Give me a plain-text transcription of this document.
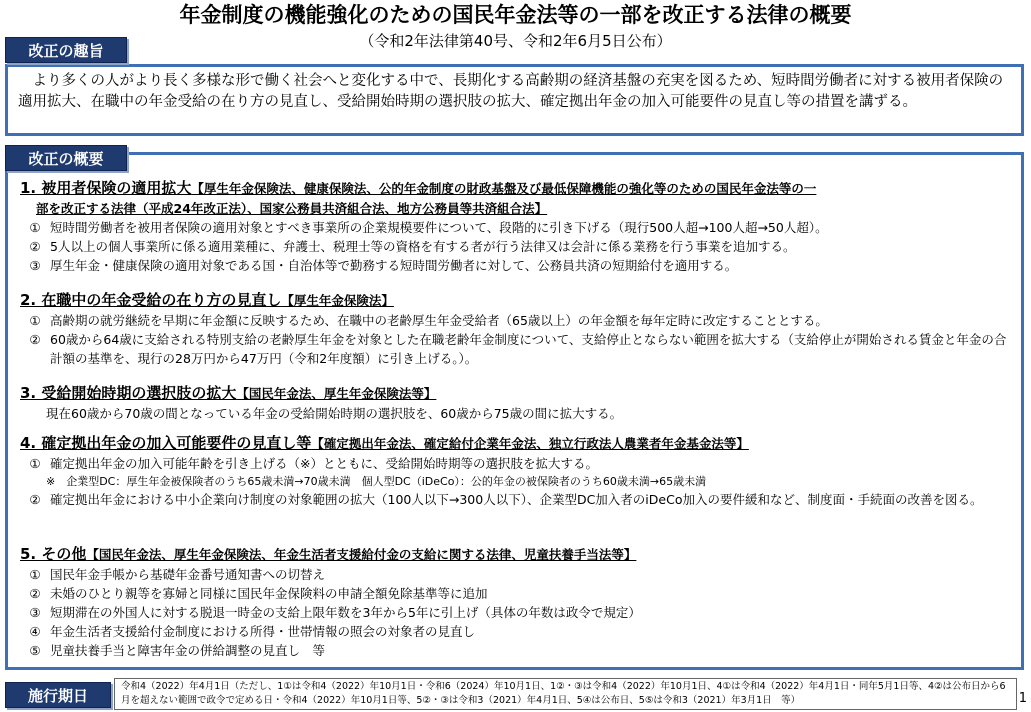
年金制度の機能強化のための国民年金法等の一部を改正する法律の概要
（令和2年法律第40号、令和2年6月5日公布）

より多くの人がより長く多様な形で働く社会へと変化する中で、長期化する高齢期の経済基盤の充実を図るため、短時間労働者に対する被用者保険の適用拡大、在職中の年金受給の在り方の見直し、受給開始時期の選択肢の拡大、確定拠出年金の加入可能要件の見直し等の措置を講ずる。

改正の趣旨
1. 被用者保険の適用拡大【厚生年金保険法、健康保険法、公的年金制度の財政基盤及び最低保障機能の強化等のための国民年金法等の一
部を改正する法律（平成24年改正法）、国家公務員共済組合法、地方公務員等共済組合法】
① 短時間労働者を被用者保険の適用対象とすべき事業所の企業規模要件について、段階的に引き下げる（現行500人超→100人超→50人超）。
② 5人以上の個人事業所に係る適用業種に、弁護士、税理士等の資格を有する者が行う法律又は会計に係る業務を行う事業を追加する。
③ 厚生年金・健康保険の適用対象である国・自治体等で勤務する短時間労働者に対して、公務員共済の短期給付を適用する。
2. 在職中の年金受給の在り方の見直し【厚生年金保険法】
① 高齢期の就労継続を早期に年金額に反映するため、在職中の老齢厚生年金受給者（65歳以上）の年金額を毎年定時に改定することとする。
② 60歳から64歳に支給される特別支給の老齢厚生年金を対象とした在職老齢年金制度について、支給停止とならない範囲を拡大する（支給停止が開始される賃金と年金の合計額の基準を、現行の28万円から47万円（令和2年度額）に引き上げる。）。
3. 受給開始時期の選択肢の拡大【国民年金法、厚生年金保険法等】
現在60歳から70歳の間となっている年金の受給開始時期の選択肢を、60歳から75歳の間に拡大する。
4. 確定拠出年金の加入可能要件の見直し等【確定拠出年金法、確定給付企業年金法、独立行政法人農業者年金基金法等】
① 確定拠出年金の加入可能年齢を引き上げる（※）とともに、受給開始時期等の選択肢を拡大する。
※　企業型DC：厚生年金被保険者のうち65歳未満→70歳未満　個人型DC（iDeCo）：公的年金の被保険者のうち60歳未満→65歳未満
② 確定拠出年金における中小企業向け制度の対象範囲の拡大（100人以下→300人以下）、企業型DC加入者のiDeCo加入の要件緩和など、制度面・手続面の改善を図る。
5. その他【国民年金法、厚生年金保険法、年金生活者支援給付金の支給に関する法律、児童扶養手当法等】
① 国民年金手帳から基礎年金番号通知書への切替え
② 未婚のひとり親等を寡婦と同様に国民年金保険料の申請全額免除基準等に追加
③ 短期滞在の外国人に対する脱退一時金の支給上限年数を3年から5年に引上げ（具体の年数は政令で規定）
④ 年金生活者支援給付金制度における所得・世帯情報の照会の対象者の見直し
⑤ 児童扶養手当と障害年金の併給調整の見直し　等
改正の概要
施行期日
令和4（2022）年4月1日（ただし、1①は令和4（2022）年10月1日・令和6（2024）年10月1日、1②・③は令和4（2022）年10月1日、4①は令和4（2022）年4月1日・同年5月1日等、4②は公布日から6月を超えない範囲で政令で定める日・令和4（2022）年10月1日等、5②・③は令和3（2021）年4月1日、5④は公布日、5⑤は令和3（2021）年3月1日　等）	1
